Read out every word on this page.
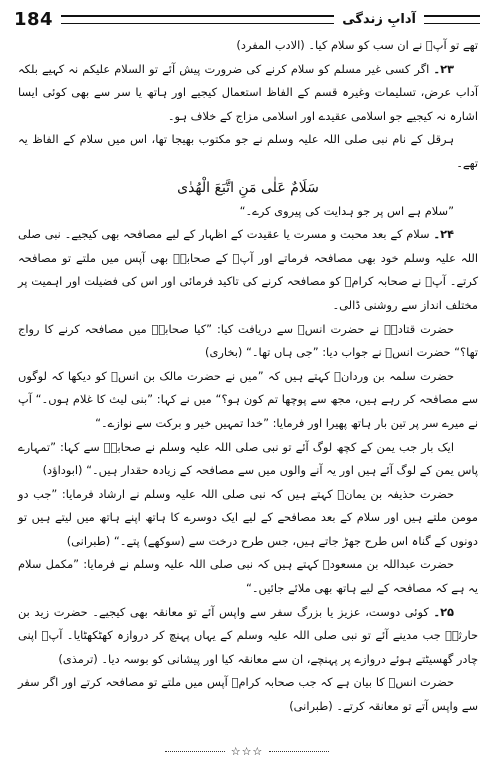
184	آدابِ زندگی

تھے تو آپؐ نے ان سب کو سلام کیا۔ (الادب المفرد)

۲۳۔ اگر کسی غیر مسلم کو سلام کرنے کی ضرورت پیش آئے تو السلام علیکم نہ کہیے بلکہ آداب عرض، تسلیمات وغیرہ قسم کے الفاظ استعمال کیجیے اور ہاتھ یا سر سے بھی کوئی ایسا اشارہ نہ کیجیے جو اسلامی عقیدے اور اسلامی مزاج کے خلاف ہو۔

ہرقل کے نام نبی صلی اللہ علیہ وسلم نے جو مکتوب بھیجا تھا، اس میں سلام کے الفاظ یہ تھے۔

سَلَامٌ عَلٰی مَنِ اتَّبَعَ الْھُدٰی

”سلام ہے اس پر جو ہدایت کی پیروی کرے۔“

۲۴۔ سلام کے بعد محبت و مسرت یا عقیدت کے اظہار کے لیے مصافحہ بھی کیجیے۔ نبی صلی اللہ علیہ وسلم خود بھی مصافحہ فرماتے اور آپؐ کے صحابہؓ بھی آپس میں ملتے تو مصافحہ کرتے۔ آپؐ نے صحابہ کرامؓ کو مصافحہ کرنے کی تاکید فرمائی اور اس کی فضیلت اور اہمیت پر مختلف انداز سے روشنی ڈالی۔

حضرت قتادہؓ نے حضرت انسؓ سے دریافت کیا: ”کیا صحابہؓ میں مصافحہ کرنے کا رواج تھا؟“ حضرت انسؓ نے جواب دیا: ”جی ہاں تھا۔“ (بخاری)

حضرت سلمہ بن وردانؒ کہتے ہیں کہ ”میں نے حضرت مالک بن انسؓ کو دیکھا کہ لوگوں سے مصافحہ کر رہے ہیں، مجھ سے پوچھا تم کون ہو؟“ میں نے کہا: ”بنی لیث کا غلام ہوں۔“ آپ نے میرے سر پر تین بار ہاتھ پھیرا اور فرمایا: ”خدا تمہیں خیر و برکت سے نوازے۔“

ایک بار جب یمن کے کچھ لوگ آئے تو نبی صلی اللہ علیہ وسلم نے صحابہؓ سے کہا: ”تمہارے پاس یمن کے لوگ آئے ہیں اور یہ آنے والوں میں سے مصافحہ کے زیادہ حقدار ہیں۔“ (ابوداؤد)

حضرت حذیفہ بن یمانؓ کہتے ہیں کہ نبی صلی اللہ علیہ وسلم نے ارشاد فرمایا: ”جب دو مومن ملتے ہیں اور سلام کے بعد مصافحے کے لیے ایک دوسرے کا ہاتھ اپنے ہاتھ میں لیتے ہیں تو دونوں کے گناہ اس طرح جھڑ جاتے ہیں، جس طرح درخت سے (سوکھے) پتے۔“ (طبرانی)

حضرت عبداللہ بن مسعودؓ کہتے ہیں کہ نبی صلی اللہ علیہ وسلم نے فرمایا: ”مکمل سلام یہ ہے کہ مصافحہ کے لیے ہاتھ بھی ملائے جائیں۔“

۲۵۔ کوئی دوست، عزیز یا بزرگ سفر سے واپس آئے تو معانقہ بھی کیجیے۔ حضرت زید بن حارثہؓ جب مدینے آئے تو نبی صلی اللہ علیہ وسلم کے یہاں پہنچ کر دروازہ کھٹکھٹایا۔ آپؐ اپنی چادر گھسیٹتے ہوئے دروازے پر پہنچے، ان سے معانقہ کیا اور پیشانی کو بوسہ دیا۔ (ترمذی)

حضرت انسؓ کا بیان ہے کہ جب صحابہ کرامؓ آپس میں ملتے تو مصافحہ کرتے اور اگر سفر سے واپس آتے تو معانقہ کرتے۔ (طبرانی)

☆☆☆
